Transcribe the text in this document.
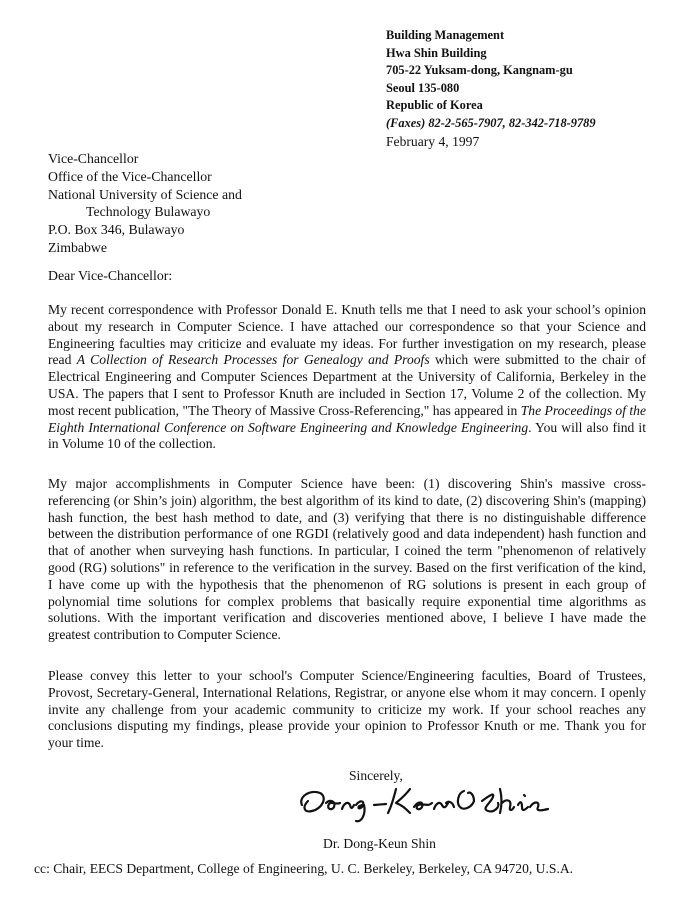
Building Management
Hwa Shin Building
705-22 Yuksam-dong, Kangnam-gu
Seoul 135-080
Republic of Korea
(Faxes) 82-2-565-7907, 82-342-718-9789
February 4, 1997
Vice-Chancellor
Office of the Vice-Chancellor
National University of Science and
Technology Bulawayo
P.O. Box 346, Bulawayo
Zimbabwe
Dear Vice-Chancellor:
My recent correspondence with Professor Donald E. Knuth tells me that I need to ask your school’s opinion about my research in Computer Science. I have attached our correspondence so that your Science and Engineering faculties may criticize and evaluate my ideas. For further investigation on my research, please read A Collection of Research Processes for Genealogy and Proofs which were submitted to the chair of Electrical Engineering and Computer Sciences Department at the University of California, Berkeley in the USA. The papers that I sent to Professor Knuth are included in Section 17, Volume 2 of the collection. My most recent publication, "The Theory of Massive Cross-Referencing," has appeared in The Proceedings of the Eighth International Conference on Software Engineering and Knowledge Engineering. You will also find it in Volume 10 of the collection.
My major accomplishments in Computer Science have been: (1) discovering Shin's massive cross-referencing (or Shin’s join) algorithm, the best algorithm of its kind to date, (2) discovering Shin's (mapping) hash function, the best hash method to date, and (3) verifying that there is no distinguishable difference between the distribution performance of one RGDI (relatively good and data independent) hash function and that of another when surveying hash functions. In particular, I coined the term "phenomenon of relatively good (RG) solutions" in reference to the verification in the survey. Based on the first verification of the kind, I have come up with the hypothesis that the phenomenon of RG solutions is present in each group of polynomial time solutions for complex problems that basically require exponential time algorithms as solutions. With the important verification and discoveries mentioned above, I believe I have made the greatest contribution to Computer Science.
Please convey this letter to your school's Computer Science/Engineering faculties, Board of Trustees, Provost, Secretary-General, International Relations, Registrar, or anyone else whom it may concern. I openly invite any challenge from your academic community to criticize my work. If your school reaches any conclusions disputing my findings, please provide your opinion to Professor Knuth or me. Thank you for your time.
Sincerely,
Dr. Dong-Keun Shin
cc: Chair, EECS Department, College of Engineering, U. C. Berkeley, Berkeley, CA 94720, U.S.A.
